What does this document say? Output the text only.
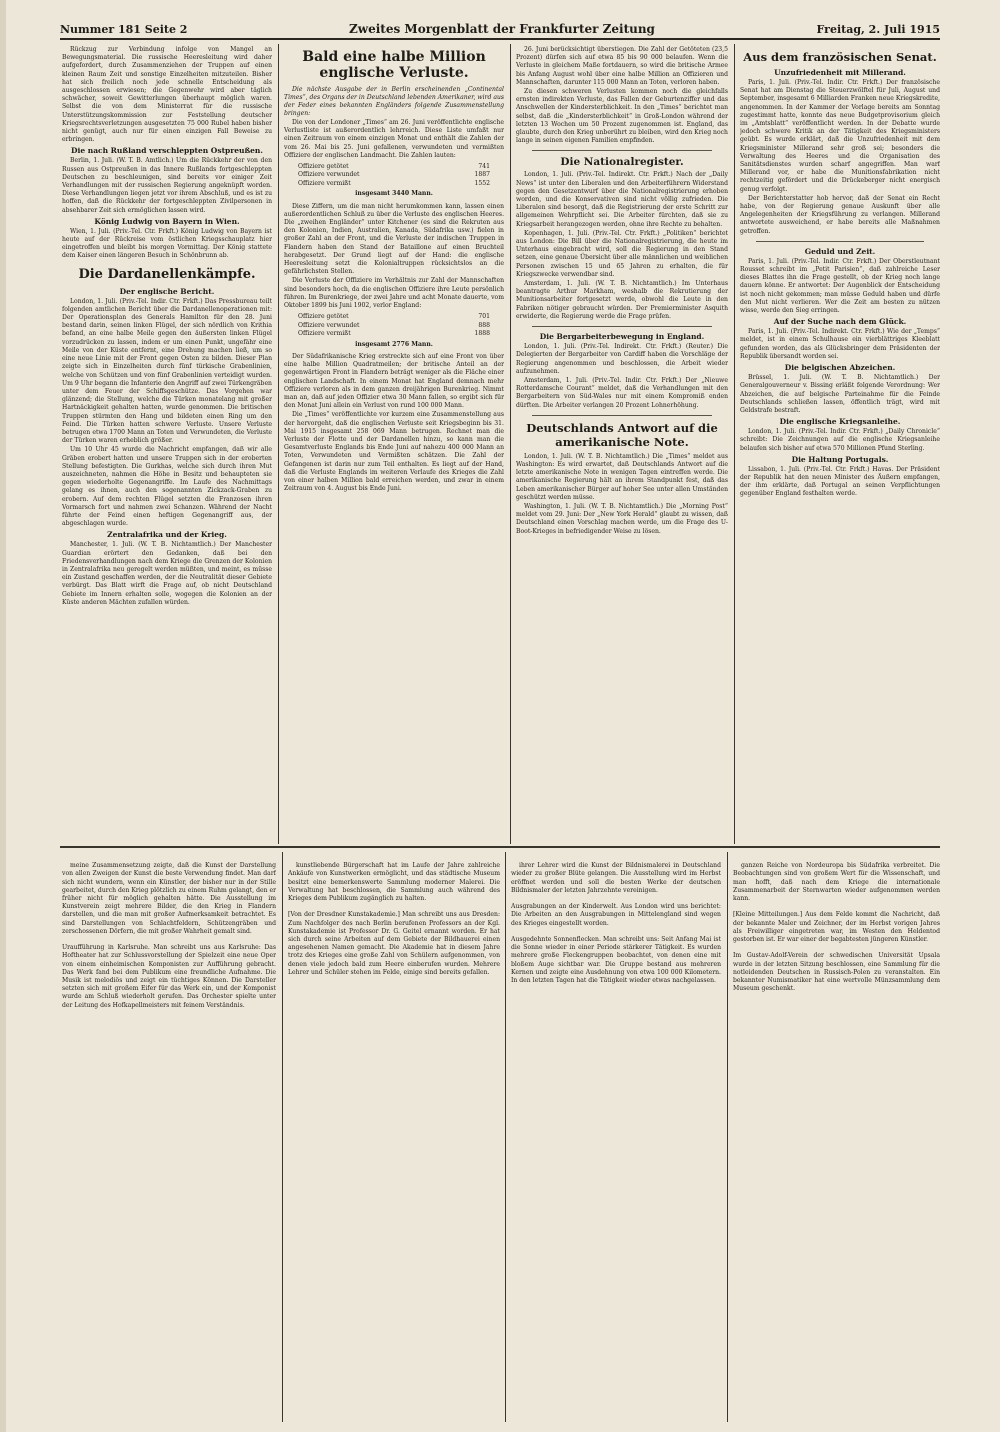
Nummer 181 Seite 2	Zweites Morgenblatt der Frankfurter Zeitung	Freitag, 2. Juli 1915

Rückzug zur Verbindung infolge von Mangel an Bewegungsmaterial. Die russische Heeresleitung wird daher aufgefordert, durch Zusammenziehen der Truppen auf einen kleinen Raum Zeit und sonstige Einzelheiten mitzuteilen. Bisher hat sich freilich noch jede schnelle Entscheidung als ausgeschlossen erwiesen; die Gegenwehr wird aber täglich schwächer, soweit Gewitterlungen überhaupt möglich waren. Selbst die von dem Ministerrat für die russische Unterstützungskommission zur Feststellung deutscher Kriegsrechtsverletzungen ausgesetzten 75 000 Rubel haben bisher nicht genügt, auch nur für einen einzigen Fall Beweise zu erbringen.

Die nach Rußland verschleppten Ostpreußen.

Berlin, 1. Juli. (W. T. B. Amtlich.) Um die Rückkehr der von den Russen aus Ostpreußen in das Innere Rußlands fortgeschleppten Deutschen zu beschleunigen, sind bereits vor einiger Zeit Verhandlungen mit der russischen Regierung angeknüpft worden. Diese Verhandlungen liegen jetzt vor ihrem Abschluß, und es ist zu hoffen, daß die Rückkehr der fortgeschleppten Zivilpersonen in absehbarer Zeit sich ermöglichen lassen wird.

König Ludwig von Bayern in Wien.

Wien, 1. Juli. (Priv.-Tel. Ctr. Frkft.) König Ludwig von Bayern ist heute auf der Rückreise vom östlichen Kriegsschauplatz hier eingetroffen und bleibt bis morgen Vormittag. Der König stattete dem Kaiser einen längeren Besuch in Schönbrunn ab.

Die Dardanellenkämpfe.
Der englische Bericht.

London, 1. Juli. (Priv.-Tel. Indir. Ctr. Frkft.) Das Pressbureau teilt folgenden amtlichen Bericht über die Dardanellenoperationen mit: Der Operationsplan des Generals Hamilton für den 28. Juni bestand darin, seinen linken Flügel, der sich nördlich von Krithia befand, an eine halbe Meile gegen den äußersten linken Flügel vorzudrücken zu lassen, indem er um einen Punkt, ungefähr eine Meile von der Küste entfernt, eine Drehung machen ließ, um so eine neue Linie mit der Front gegen Osten zu bilden. Dieser Plan zeigte sich in Einzelheiten durch fünf türkische Grabenlinien, welche von Schützen und von fünf Grabenlinien verteidigt wurden. Um 9 Uhr begann die Infanterie den Angriff auf zwei Türkengräben unter dem Feuer der Schiffsgeschütze. Das Vorgehen war glänzend; die Stellung, welche die Türken monatelang mit großer Hartnäckigkeit gehalten hatten, wurde genommen. Die britischen Truppen stürmten den Hang und bildeten einen Ring um den Feind. Die Türken hatten schwere Verluste. Unsere Verluste betrugen etwa 1700 Mann an Toten und Verwundeten, die Verluste der Türken waren erheblich größer.

Um 10 Uhr 45 wurde die Nachricht empfangen, daß wir alle Gräben erobert hatten und unsere Truppen sich in der eroberten Stellung befestigten. Die Gurkhas, welche sich durch ihren Mut auszeichneten, nahmen die Höhe in Besitz und behaupteten sie gegen wiederholte Gegenangriffe. Im Laufe des Nachmittags gelang es ihnen, auch den sogenannten Zickzack-Graben zu erobern. Auf dem rechten Flügel setzten die Franzosen ihren Vormarsch fort und nahmen zwei Schanzen. Während der Nacht führte der Feind einen heftigen Gegenangriff aus, der abgeschlagen wurde.

Zentralafrika und der Krieg.

Manchester, 1. Juli. (W. T. B. Nichtamtlich.) Der Manchester Guardian erörtert den Gedanken, daß bei den Friedensverhandlungen nach dem Kriege die Grenzen der Kolonien in Zentralafrika neu geregelt werden müßten, und meint, es müsse ein Zustand geschaffen werden, der die Neutralität dieser Gebiete verbürgt. Das Blatt wirft die Frage auf, ob nicht Deutschland Gebiete im Innern erhalten solle, wogegen die Kolonien an der Küste anderen Mächten zufallen würden.

Bald eine halbe Million englische Verluste.

Die nächste Ausgabe der in Berlin erscheinenden „Continental Times“, des Organs der in Deutschland lebenden Amerikaner, wird aus der Feder eines bekannten Engländers folgende Zusammenstellung bringen:

Die von der Londoner „Times“ am 26. Juni veröffentlichte englische Verlustliste ist außerordentlich lehrreich. Diese Liste umfaßt nur einen Zeitraum von einem einzigen Monat und enthält die Zahlen der vom 26. Mai bis 25. Juni gefallenen, verwundeten und vermißten Offiziere der englischen Landmacht. Die Zahlen lauten:

Offiziere getötet	741
Offiziere verwundet	1887
Offiziere vermißt	1552
insgesamt 3440 Mann.

Diese Ziffern, um die man nicht herumkommen kann, lassen einen außerordentlichen Schluß zu über die Verluste des englischen Heeres. Die „zweihen Engländer“ unter Kitchener (es sind die Rekruten aus den Kolonien, Indien, Australien, Kanada, Südafrika usw.) fielen in großer Zahl an der Front, und die Verluste der indischen Truppen in Flandern haben den Stand der Bataillone auf einen Bruchteil herabgesetzt. Der Grund liegt auf der Hand: die englische Heeresleitung setzt die Kolonialtruppen rücksichtslos an die gefährlichsten Stellen.

Die Verluste der Offiziere im Verhältnis zur Zahl der Mannschaften sind besonders hoch, da die englischen Offiziere ihre Leute persönlich führen. Im Burenkriege, der zwei Jahre und acht Monate dauerte, vom Oktober 1899 bis Juni 1902, verlor England:

Offiziere getötet	701
Offiziere verwundet	888
Offiziere vermißt	1888
insgesamt 2776 Mann.

Der Südafrikanische Krieg erstreckte sich auf eine Front von über eine halbe Million Quadratmeilen; der britische Anteil an der gegenwärtigen Front in Flandern beträgt weniger als die Fläche einer englischen Landschaft. In einem Monat hat England demnach mehr Offiziere verloren als in dem ganzen dreijährigen Burenkrieg. Nimmt man an, daß auf jeden Offizier etwa 30 Mann fallen, so ergibt sich für den Monat Juni allein ein Verlust von rund 100 000 Mann.

Die „Times“ veröffentlichte vor kurzem eine Zusammenstellung aus der hervorgeht, daß die englischen Verluste seit Kriegsbeginn bis 31. Mai 1915 insgesamt 258 069 Mann betrugen. Rechnet man die Verluste der Flotte und der Dardanellen hinzu, so kann man die Gesamtverluste Englands bis Ende Juni auf nahezu 400 000 Mann an Toten, Verwundeten und Vermißten schätzen. Die Zahl der Gefangenen ist darin nur zum Teil enthalten. Es liegt auf der Hand, daß die Verluste Englands im weiteren Verlaufe des Krieges die Zahl von einer halben Million bald erreichen werden, und zwar in einem Zeitraum von 4. August bis Ende Juni.

26. Juni berücksichtigt überstiegen. Die Zahl der Getöteten (23,5 Prozent) dürfen sich auf etwa 85 bis 90 000 belaufen. Wenn die Verluste in gleichem Maße fortdauern, so wird die britische Armee bis Anfang August wohl über eine halbe Million an Offizieren und Mannschaften, darunter 115 000 Mann an Toten, verloren haben.

Zu diesen schweren Verlusten kommen noch die gleichfalls ernsten indirekten Verluste, das Fallen der Geburtenziffer und das Anschwellen der Kindersterblichkeit. In den „Times“ berichtet man selbst, daß die „Kindersterblichkeit“ in Groß-London während der letzten 13 Wochen um 50 Prozent zugenommen ist. England, das glaubte, durch den Krieg unberührt zu bleiben, wird den Krieg noch lange in seinen eigenen Familien empfinden.

Die Nationalregister.

London, 1. Juli. (Priv.-Tel. Indirekt. Ctr. Frkft.) Nach der „Daily News“ ist unter den Liberalen und den Arbeiterführern Widerstand gegen den Gesetzentwurf über die Nationalregistrierung erhoben worden, und die Konservativen sind nicht völlig zufrieden. Die Liberalen sind besorgt, daß die Registrierung der erste Schritt zur allgemeinen Wehrpflicht sei. Die Arbeiter fürchten, daß sie zu Kriegsarbeit herangezogen werden, ohne ihre Rechte zu behalten.

Kopenhagen, 1. Juli. (Priv.-Tel. Ctr. Frkft.) „Politiken“ berichtet aus London: Die Bill über die Nationalregistrierung, die heute im Unterhaus eingebracht wird, soll die Regierung in den Stand setzen, eine genaue Übersicht über alle männlichen und weiblichen Personen zwischen 15 und 65 Jahren zu erhalten, die für Kriegszwecke verwendbar sind.

Amsterdam, 1. Juli. (W. T. B. Nichtamtlich.) Im Unterhaus beantragte Arthur Markham, weshalb die Rekrutierung der Munitionsarbeiter fortgesetzt werde, obwohl die Leute in den Fabriken nötiger gebraucht würden. Der Premierminister Asquith erwiderte, die Regierung werde die Frage prüfen.

Die Bergarbeiterbewegung in England.

London, 1. Juli. (Priv.-Tel. Indirekt. Ctr. Frkft.) (Reuter.) Die Delegierten der Bergarbeiter von Cardiff haben die Vorschläge der Regierung angenommen und beschlossen, die Arbeit wieder aufzunehmen.

Amsterdam, 1. Juli. (Priv.-Tel. Indir. Ctr. Frkft.) Der „Nieuwe Rotterdamsche Courant“ meldet, daß die Verhandlungen mit den Bergarbeitern von Süd-Wales nur mit einem Kompromiß enden dürften. Die Arbeiter verlangen 20 Prozent Lohnerhöhung.

Deutschlands Antwort auf die amerikanische Note.

London, 1. Juli. (W. T. B. Nichtamtlich.) Die „Times“ meldet aus Washington: Es wird erwartet, daß Deutschlands Antwort auf die letzte amerikanische Note in wenigen Tagen eintreffen werde. Die amerikanische Regierung hält an ihrem Standpunkt fest, daß das Leben amerikanischer Bürger auf hoher See unter allen Umständen geschützt werden müsse.

Washington, 1. Juli. (W. T. B. Nichtamtlich.) Die „Morning Post“ meldet vom 29. Juni: Der „New York Herald“ glaubt zu wissen, daß Deutschland einen Vorschlag machen werde, um die Frage des U-Boot-Krieges in befriedigender Weise zu lösen.

Aus dem französischen Senat.
Unzufriedenheit mit Millerand.

Paris, 1. Juli. (Priv.-Tel. Indir. Ctr. Frkft.) Der französische Senat hat am Dienstag die Steuerzwölftel für Juli, August und September, insgesamt 6 Milliarden Franken neue Kriegskredite, angenommen. In der Kammer der Vorlage bereits am Sonntag zugestimmt hatte, konnte das neue Budgetprovisorium gleich im „Amtsblatt“ veröffentlicht werden. In der Debatte wurde jedoch schwere Kritik an der Tätigkeit des Kriegsministers geübt. Es wurde erklärt, daß die Unzufriedenheit mit dem Kriegsminister Millerand sehr groß sei; besonders die Verwaltung des Heeres und die Organisation des Sanitätsdienstes wurden scharf angegriffen. Man warf Millerand vor, er habe die Munitionsfabrikation nicht rechtzeitig gefördert und die Drückeberger nicht energisch genug verfolgt.

Der Berichterstatter hob hervor, daß der Senat ein Recht habe, von der Regierung genaue Auskunft über alle Angelegenheiten der Kriegsführung zu verlangen. Millerand antwortete ausweichend, er habe bereits alle Maßnahmen getroffen.

Geduld und Zeit.

Paris, 1. Juli. (Priv.-Tel. Indir. Ctr. Frkft.) Der Oberstleutnant Rousset schreibt im „Petit Parisien“, daß zahlreiche Leser dieses Blattes ihn die Frage gestellt, ob der Krieg noch lange dauern könne. Er antwortet: Der Augenblick der Entscheidung ist noch nicht gekommen; man müsse Geduld haben und dürfe den Mut nicht verlieren. Wer die Zeit am besten zu nützen wisse, werde den Sieg erringen.

Auf der Suche nach dem Glück.

Paris, 1. Juli. (Priv.-Tel. Indirekt. Ctr. Frkft.) Wie der „Temps“ meldet, ist in einem Schulhause ein vierblättriges Kleeblatt gefunden worden, das als Glücksbringer dem Präsidenten der Republik übersandt worden sei.

Die belgischen Abzeichen.

Brüssel, 1. Juli. (W. T. B. Nichtamtlich.) Der Generalgouverneur v. Bissing erläßt folgende Verordnung: Wer Abzeichen, die auf belgische Parteinahme für die Feinde Deutschlands schließen lassen, öffentlich trägt, wird mit Geldstrafe bestraft.

Die englische Kriegsanleihe.

London, 1. Juli. (Priv.-Tel. Indir. Ctr. Frkft.) „Daily Chronicle“ schreibt: Die Zeichnungen auf die englische Kriegsanleihe belaufen sich bisher auf etwa 570 Millionen Pfund Sterling.

Die Haltung Portugals.

Lissabon, 1. Juli. (Priv.-Tel. Ctr. Frkft.) Havas. Der Präsident der Republik hat den neuen Minister des Äußern empfangen, der ihm erklärte, daß Portugal an seinen Verpflichtungen gegenüber England festhalten werde.

meine Zusammensetzung zeigte, daß die Kunst der Darstellung von allen Zweigen der Kunst die beste Verwendung findet. Man darf sich nicht wundern, wenn ein Künstler, der bisher nur in der Stille gearbeitet, durch den Krieg plötzlich zu einem Ruhm gelangt, den er früher nicht für möglich gehalten hätte. Die Ausstellung im Kunstverein zeigt mehrere Bilder, die den Krieg in Flandern darstellen, und die man mit großer Aufmerksamkeit betrachtet. Es sind Darstellungen von Schlachtfeldern, Schützengräben und zerschossenen Dörfern, die mit großer Wahrheit gemalt sind.

Uraufführung in Karlsruhe. Man schreibt uns aus Karlsruhe: Das Hoftheater hat zur Schlussvorstellung der Spielzeit eine neue Oper von einem einheimischen Komponisten zur Aufführung gebracht. Das Werk fand bei dem Publikum eine freundliche Aufnahme. Die Musik ist melodiös und zeigt ein tüchtiges Können. Die Darsteller setzten sich mit großem Eifer für das Werk ein, und der Komponist wurde am Schluß wiederholt gerufen. Das Orchester spielte unter der Leitung des Hofkapellmeisters mit feinem Verständnis.

kunstliebende Bürgerschaft hat im Laufe der Jahre zahlreiche Ankäufe von Kunstwerken ermöglicht, und das städtische Museum besitzt eine bemerkenswerte Sammlung moderner Malerei. Die Verwaltung hat beschlossen, die Sammlung auch während des Krieges dem Publikum zugänglich zu halten.

[Von der Dresdner Kunstakademie.] Man schreibt uns aus Dresden: Zum Nachfolger des nach Berlin berufenen Professors an der Kgl. Kunstakademie ist Professor Dr. G. Geitel ernannt worden. Er hat sich durch seine Arbeiten auf dem Gebiete der Bildhauerei einen angesehenen Namen gemacht. Die Akademie hat in diesem Jahre trotz des Krieges eine große Zahl von Schülern aufgenommen, von denen viele jedoch bald zum Heere einberufen wurden. Mehrere Lehrer und Schüler stehen im Felde, einige sind bereits gefallen.

ihrer Lehrer wird die Kunst der Bildnismalerei in Deutschland wieder zu großer Blüte gelangen. Die Ausstellung wird im Herbst eröffnet werden und soll die besten Werke der deutschen Bildnismaler der letzten Jahrzehnte vereinigen.

Ausgrabungen an der Kinderwelt. Aus London wird uns berichtet: Die Arbeiten an den Ausgrabungen in Mittelengland sind wegen des Krieges eingestellt worden.

Ausgedehnte Sonnenflecken. Man schreibt uns: Seit Anfang Mai ist die Sonne wieder in einer Periode stärkerer Tätigkeit. Es wurden mehrere große Fleckengruppen beobachtet, von denen eine mit bloßem Auge sichtbar war. Die Gruppe bestand aus mehreren Kernen und zeigte eine Ausdehnung von etwa 100 000 Kilometern. In den letzten Tagen hat die Tätigkeit wieder etwas nachgelassen.

ganzen Reiche von Nordeuropa bis Südafrika verbreitet. Die Beobachtungen sind von großem Wert für die Wissenschaft, und man hofft, daß nach dem Kriege die internationale Zusammenarbeit der Sternwarten wieder aufgenommen werden kann.

[Kleine Mitteilungen.] Aus dem Felde kommt die Nachricht, daß der bekannte Maler und Zeichner, der im Herbst vorigen Jahres als Freiwilliger eingetreten war, im Westen den Heldentod gestorben ist. Er war einer der begabtesten jüngeren Künstler.

Im Gustav-Adolf-Verein der schwedischen Universität Upsala wurde in der letzten Sitzung beschlossen, eine Sammlung für die notleidenden Deutschen in Russisch-Polen zu veranstalten. Ein bekannter Numismatiker hat eine wertvolle Münzsammlung dem Museum geschenkt.
